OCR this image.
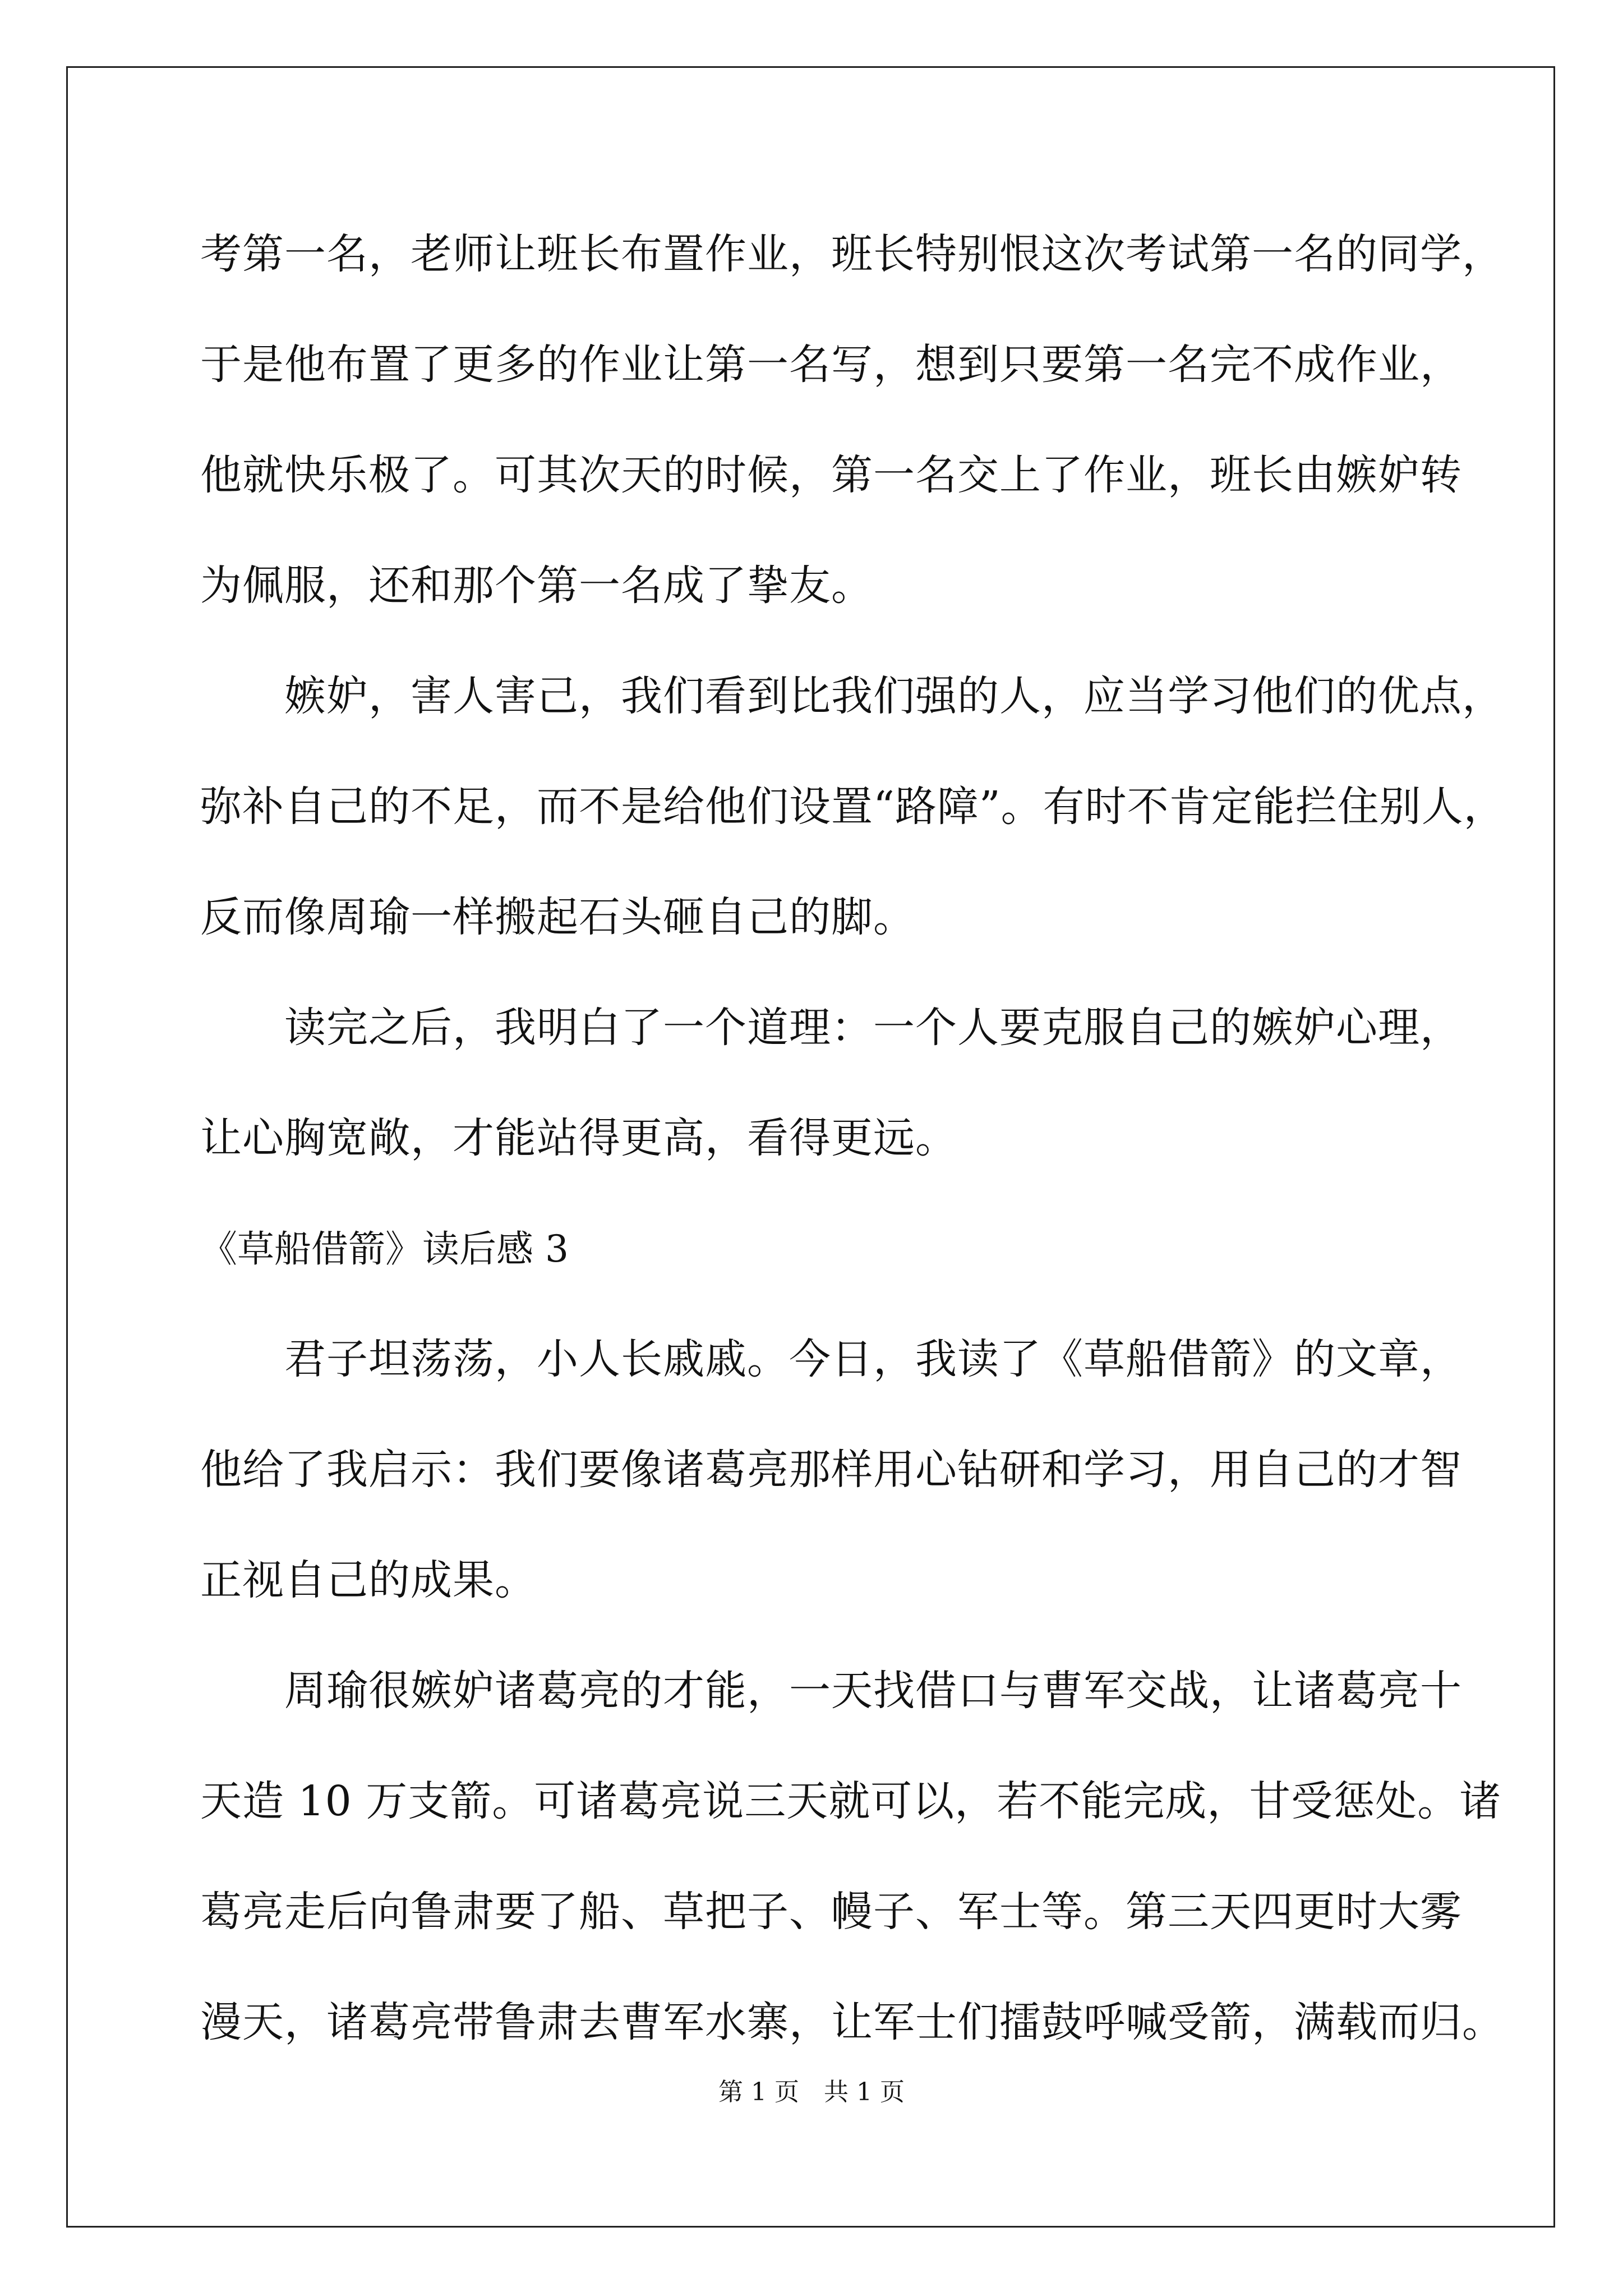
考第一名，老师让班长布置作业，班长特别恨这次考试第一名的同学，
于是他布置了更多的作业让第一名写，想到只要第一名完不成作业，
他就快乐极了。可其次天的时候，第一名交上了作业，班长由嫉妒转
为佩服，还和那个第一名成了挚友。
嫉妒，害人害己，我们看到比我们强的人，应当学习他们的优点，
弥补自己的不足，而不是给他们设置“路障”。有时不肯定能拦住别人，
反而像周瑜一样搬起石头砸自己的脚。
读完之后，我明白了一个道理：一个人要克服自己的嫉妒心理，
让心胸宽敞，才能站得更高，看得更远。
《草船借箭》读后感 3
君子坦荡荡，小人长戚戚。今日，我读了《草船借箭》的文章，
他给了我启示：我们要像诸葛亮那样用心钻研和学习，用自己的才智
正视自己的成果。
周瑜很嫉妒诸葛亮的才能，一天找借口与曹军交战，让诸葛亮十
天造 10 万支箭。可诸葛亮说三天就可以，若不能完成，甘受惩处。诸
葛亮走后向鲁肃要了船、草把子、幔子、军士等。第三天四更时大雾
漫天，诸葛亮带鲁肃去曹军水寨，让军士们擂鼓呼喊受箭，满载而归。
第 1 页　共 1 页
